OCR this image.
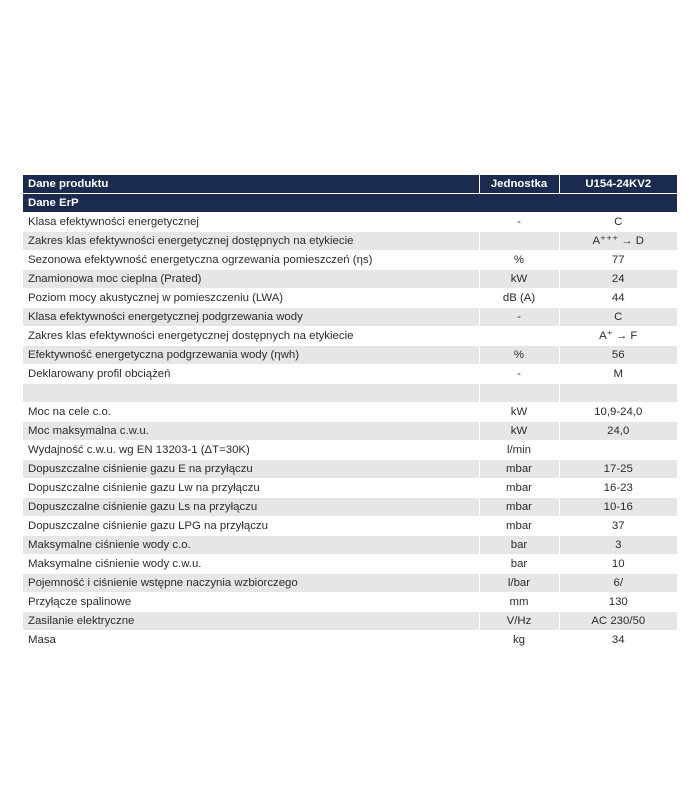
Dane produktu	Jednostka	U154-24KV2
Dane ErP		
Klasa efektywności energetycznej	-	C
Zakres klas efektywności energetycznej dostępnych na etykiecie		A⁺⁺⁺ → D
Sezonowa efektywność energetyczna ogrzewania pomieszczeń (ηs)	%	77
Znamionowa moc cieplna (Prated)	kW	24
Poziom mocy akustycznej w pomieszczeniu (LWA)	dB (A)	44
Klasa efektywności energetycznej podgrzewania wody	-	C
Zakres klas efektywności energetycznej dostępnych na etykiecie		A⁺ → F
Efektywność energetyczna podgrzewania wody (ηwh)	%	56
Deklarowany profil obciążeń	-	M

Moc na cele c.o.	kW	10,9-24,0
Moc maksymalna c.w.u.	kW	24,0
Wydajność c.w.u. wg EN 13203-1 (ΔT=30K)	l/min	
Dopuszczalne ciśnienie gazu E na przyłączu	mbar	17-25
Dopuszczalne ciśnienie gazu Lw na przyłączu	mbar	16-23
Dopuszczalne ciśnienie gazu Ls na przyłączu	mbar	10-16
Dopuszczalne ciśnienie gazu LPG na przyłączu	mbar	37
Maksymalne ciśnienie wody c.o.	bar	3
Maksymalne ciśnienie wody c.w.u.	bar	10
Pojemność i ciśnienie wstępne naczynia wzbiorczego	l/bar	6/
Przyłącze spalinowe	mm	130
Zasilanie elektryczne	V/Hz	AC 230/50
Masa	kg	34
